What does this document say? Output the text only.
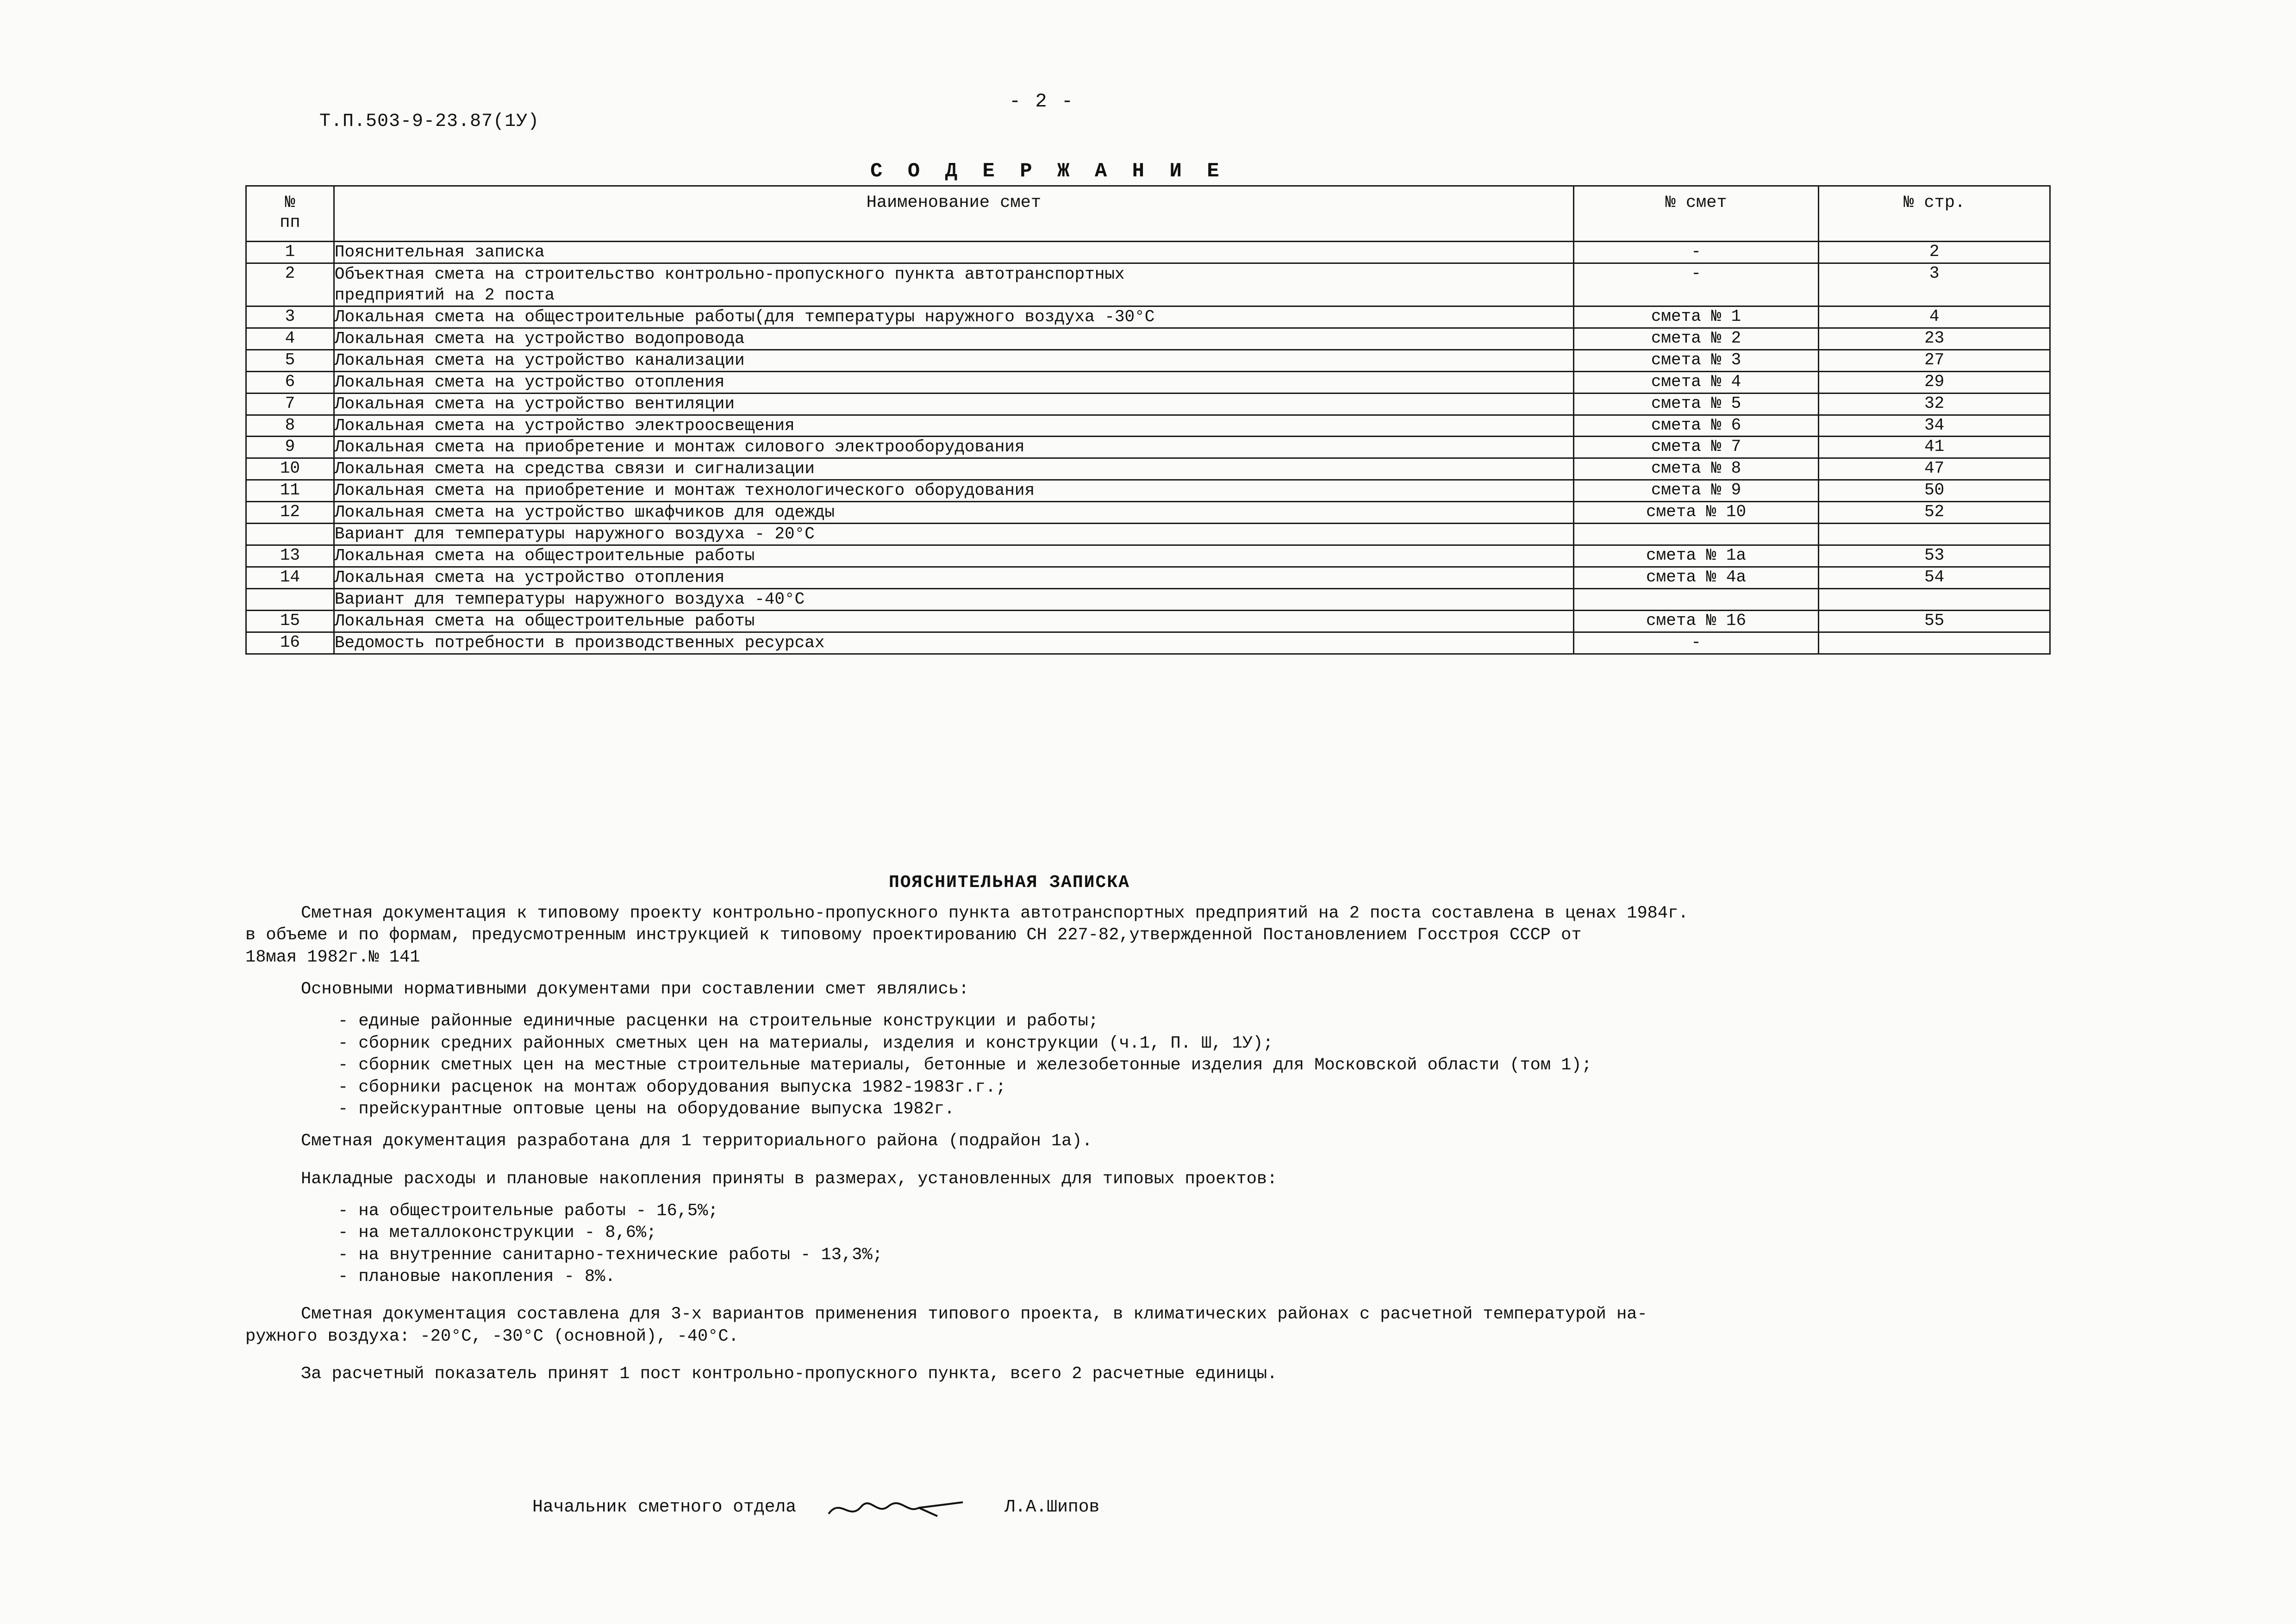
Т.П.503-9-23.87(1У)
- 2 -
С О Д Е Р Ж А Н И Е
№
пп	Наименование смет	№ смет	№ стр.
1	Пояснительная записка	-	2
2	Объектная смета на строительство контрольно-пропускного пункта автотранспортных
предприятий на 2 поста	-	3
3	Локальная смета на общестроительные работы(для температуры наружного воздуха -30°С	смета № 1	4
4	Локальная смета на устройство водопровода	смета № 2	23
5	Локальная смета на устройство канализации	смета № 3	27
6	Локальная смета на устройство отопления	смета № 4	29
7	Локальная смета на устройство вентиляции	смета № 5	32
8	Локальная смета на устройство электроосвещения	смета № 6	34
9	Локальная смета на приобретение и монтаж силового электрооборудования	смета № 7	41
10	Локальная смета на средства связи и сигнализации	смета № 8	47
11	Локальная смета на приобретение и монтаж технологического оборудования	смета № 9	50
12	Локальная смета на устройство шкафчиков для одежды	смета № 10	52
	Вариант для температуры наружного воздуха - 20°С		
13	Локальная смета на общестроительные работы	смета № 1а	53
14	Локальная смета на устройство отопления	смета № 4а	54
	Вариант для температуры наружного воздуха -40°С		
15	Локальная смета на общестроительные работы	смета № 16	55
16	Ведомость потребности в производственных ресурсах	-	
ПОЯСНИТЕЛЬНАЯ ЗАПИСКА

Сметная документация к типовому проекту контрольно-пропускного пункта автотранспортных предприятий на 2 поста составлена в ценах 1984г.

в объеме и по формам, предусмотренным инструкцией к типовому проектированию СН 227-82,утвержденной Постановлением Госстроя СССР от

18мая 1982г.№ 141

Основными нормативными документами при составлении смет являлись:

- единые районные единичные расценки на строительные конструкции и работы;

- сборник средних районных сметных цен на материалы, изделия и конструкции (ч.1, П. Ш, 1У);

- сборник сметных цен на местные строительные материалы, бетонные и железобетонные изделия для Московской области (том 1);

- сборники расценок на монтаж оборудования выпуска 1982-1983г.г.;

- прейскурантные оптовые цены на оборудование выпуска 1982г.

Сметная документация разработана для 1 территориального района (подрайон 1а).

Накладные расходы и плановые накопления приняты в размерах, установленных для типовых проектов:

- на общестроительные работы - 16,5%;

- на металлоконструкции - 8,6%;

- на внутренние санитарно-технические работы - 13,3%;

- плановые накопления - 8%.

Сметная документация составлена для 3-х вариантов применения типового проекта, в климатических районах с расчетной температурой на-

ружного воздуха: -20°С, -30°С (основной), -40°С.

За расчетный показатель принят 1 пост контрольно-пропускного пункта, всего 2 расчетные единицы.

Начальник сметного отдела	Л.А.Шипов
